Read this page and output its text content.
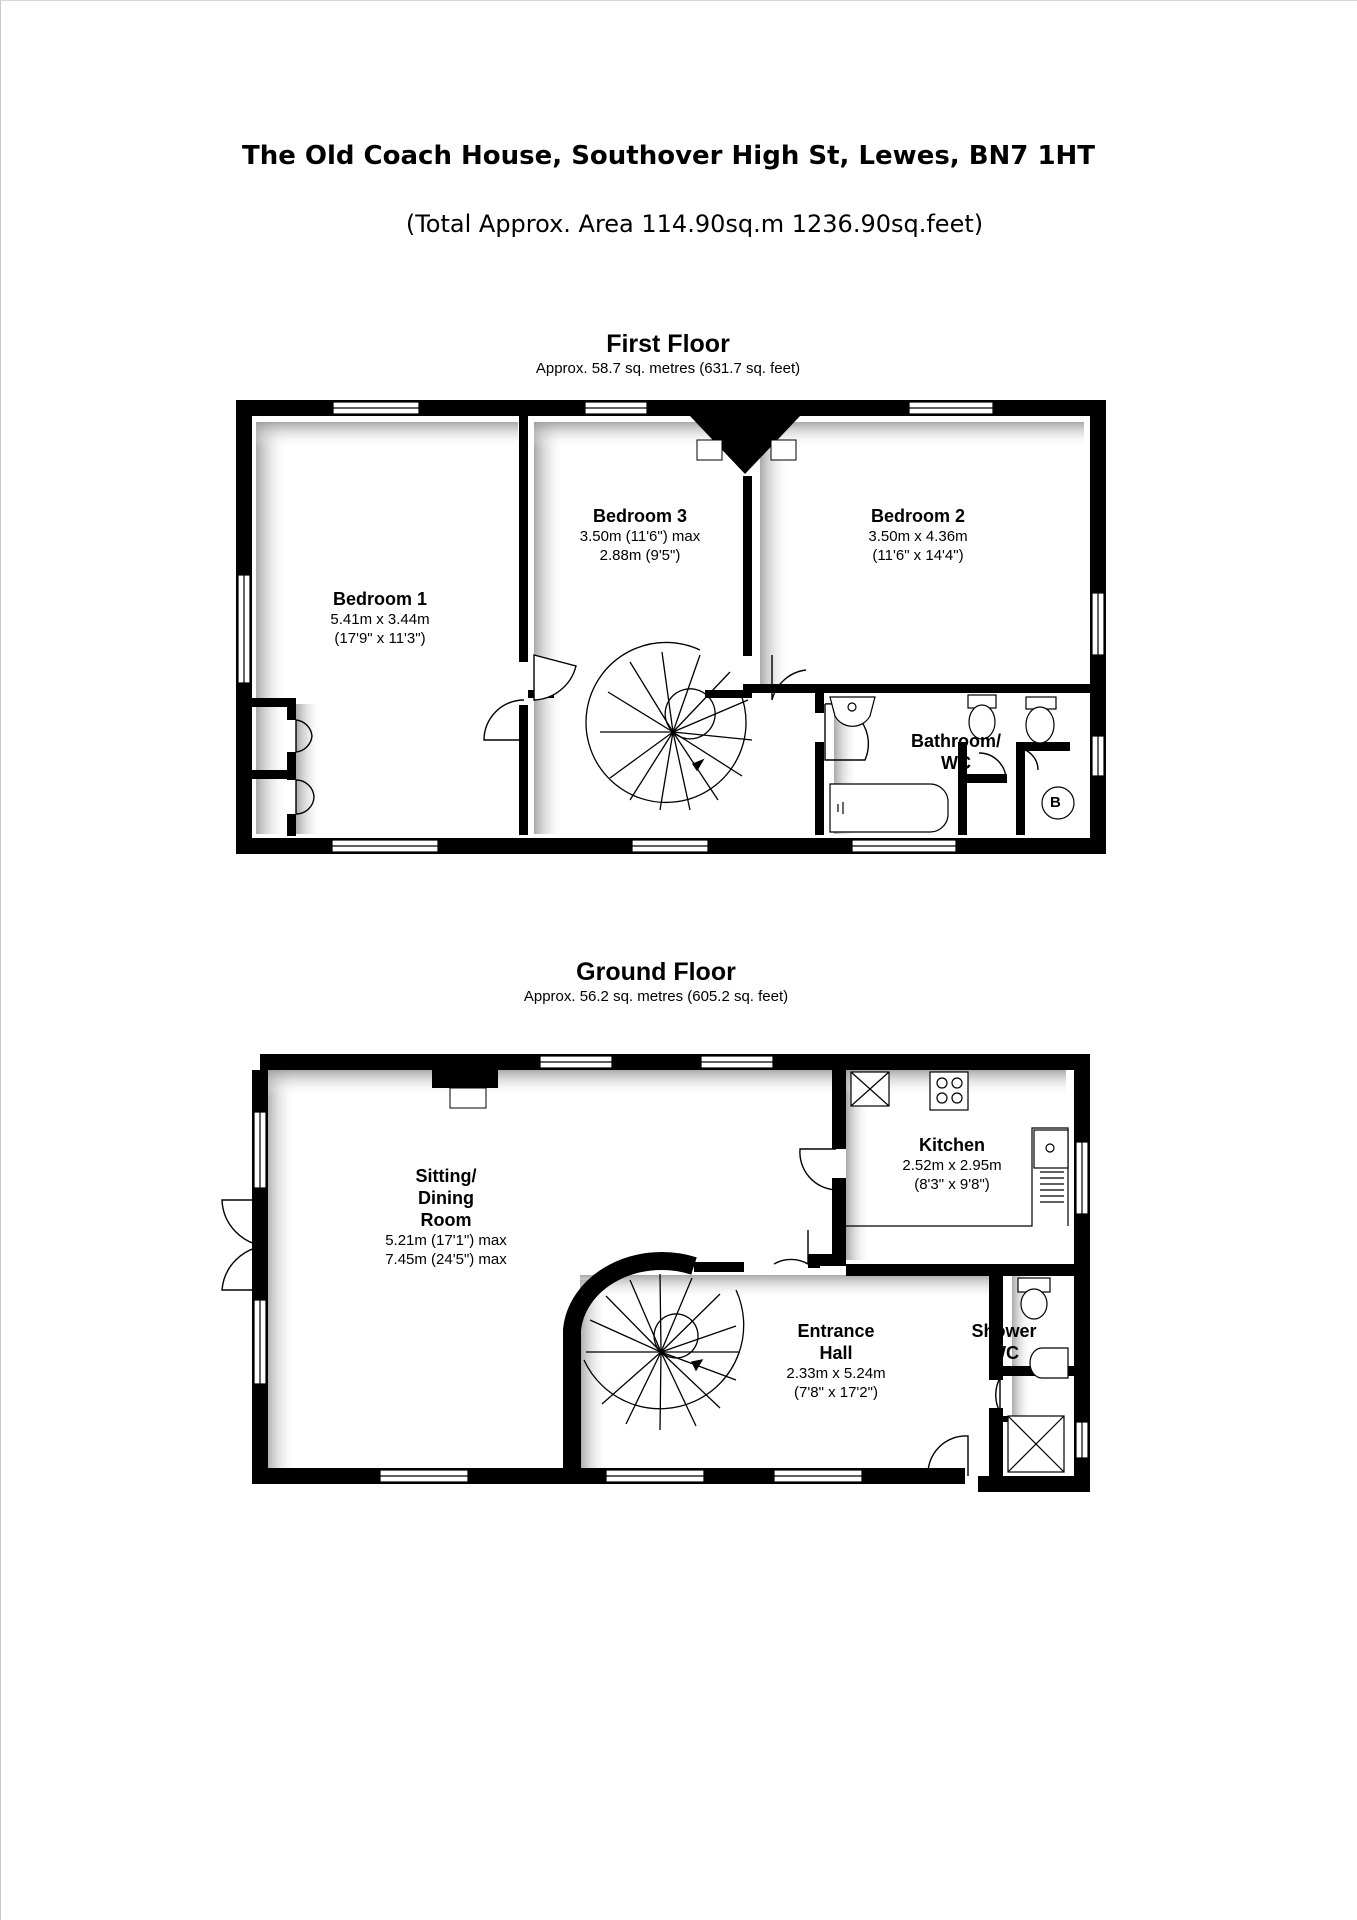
The Old Coach House, Southover High St, Lewes, BN7 1HT
(Total Approx. Area 114.90sq.m 1236.90sq.feet)
First Floor
Approx. 58.7 sq. metres (631.7 sq. feet)
Ground Floor
Approx. 56.2 sq. metres (605.2 sq. feet)
Bedroom 1
5.41m x 3.44m
(17'9" x 11'3")
Bedroom 3
3.50m (11'6") max
2.88m (9'5")
Bedroom 2
3.50m x 4.36m
(11'6" x 14'4")
Bathroom/
WC
B
Sitting/
Dining
Room
5.21m (17'1") max
7.45m (24'5") max
Kitchen
2.52m x 2.95m
(8'3" x 9'8")
Entrance
Hall
2.33m x 5.24m
(7'8" x 17'2")
Shower
WC
